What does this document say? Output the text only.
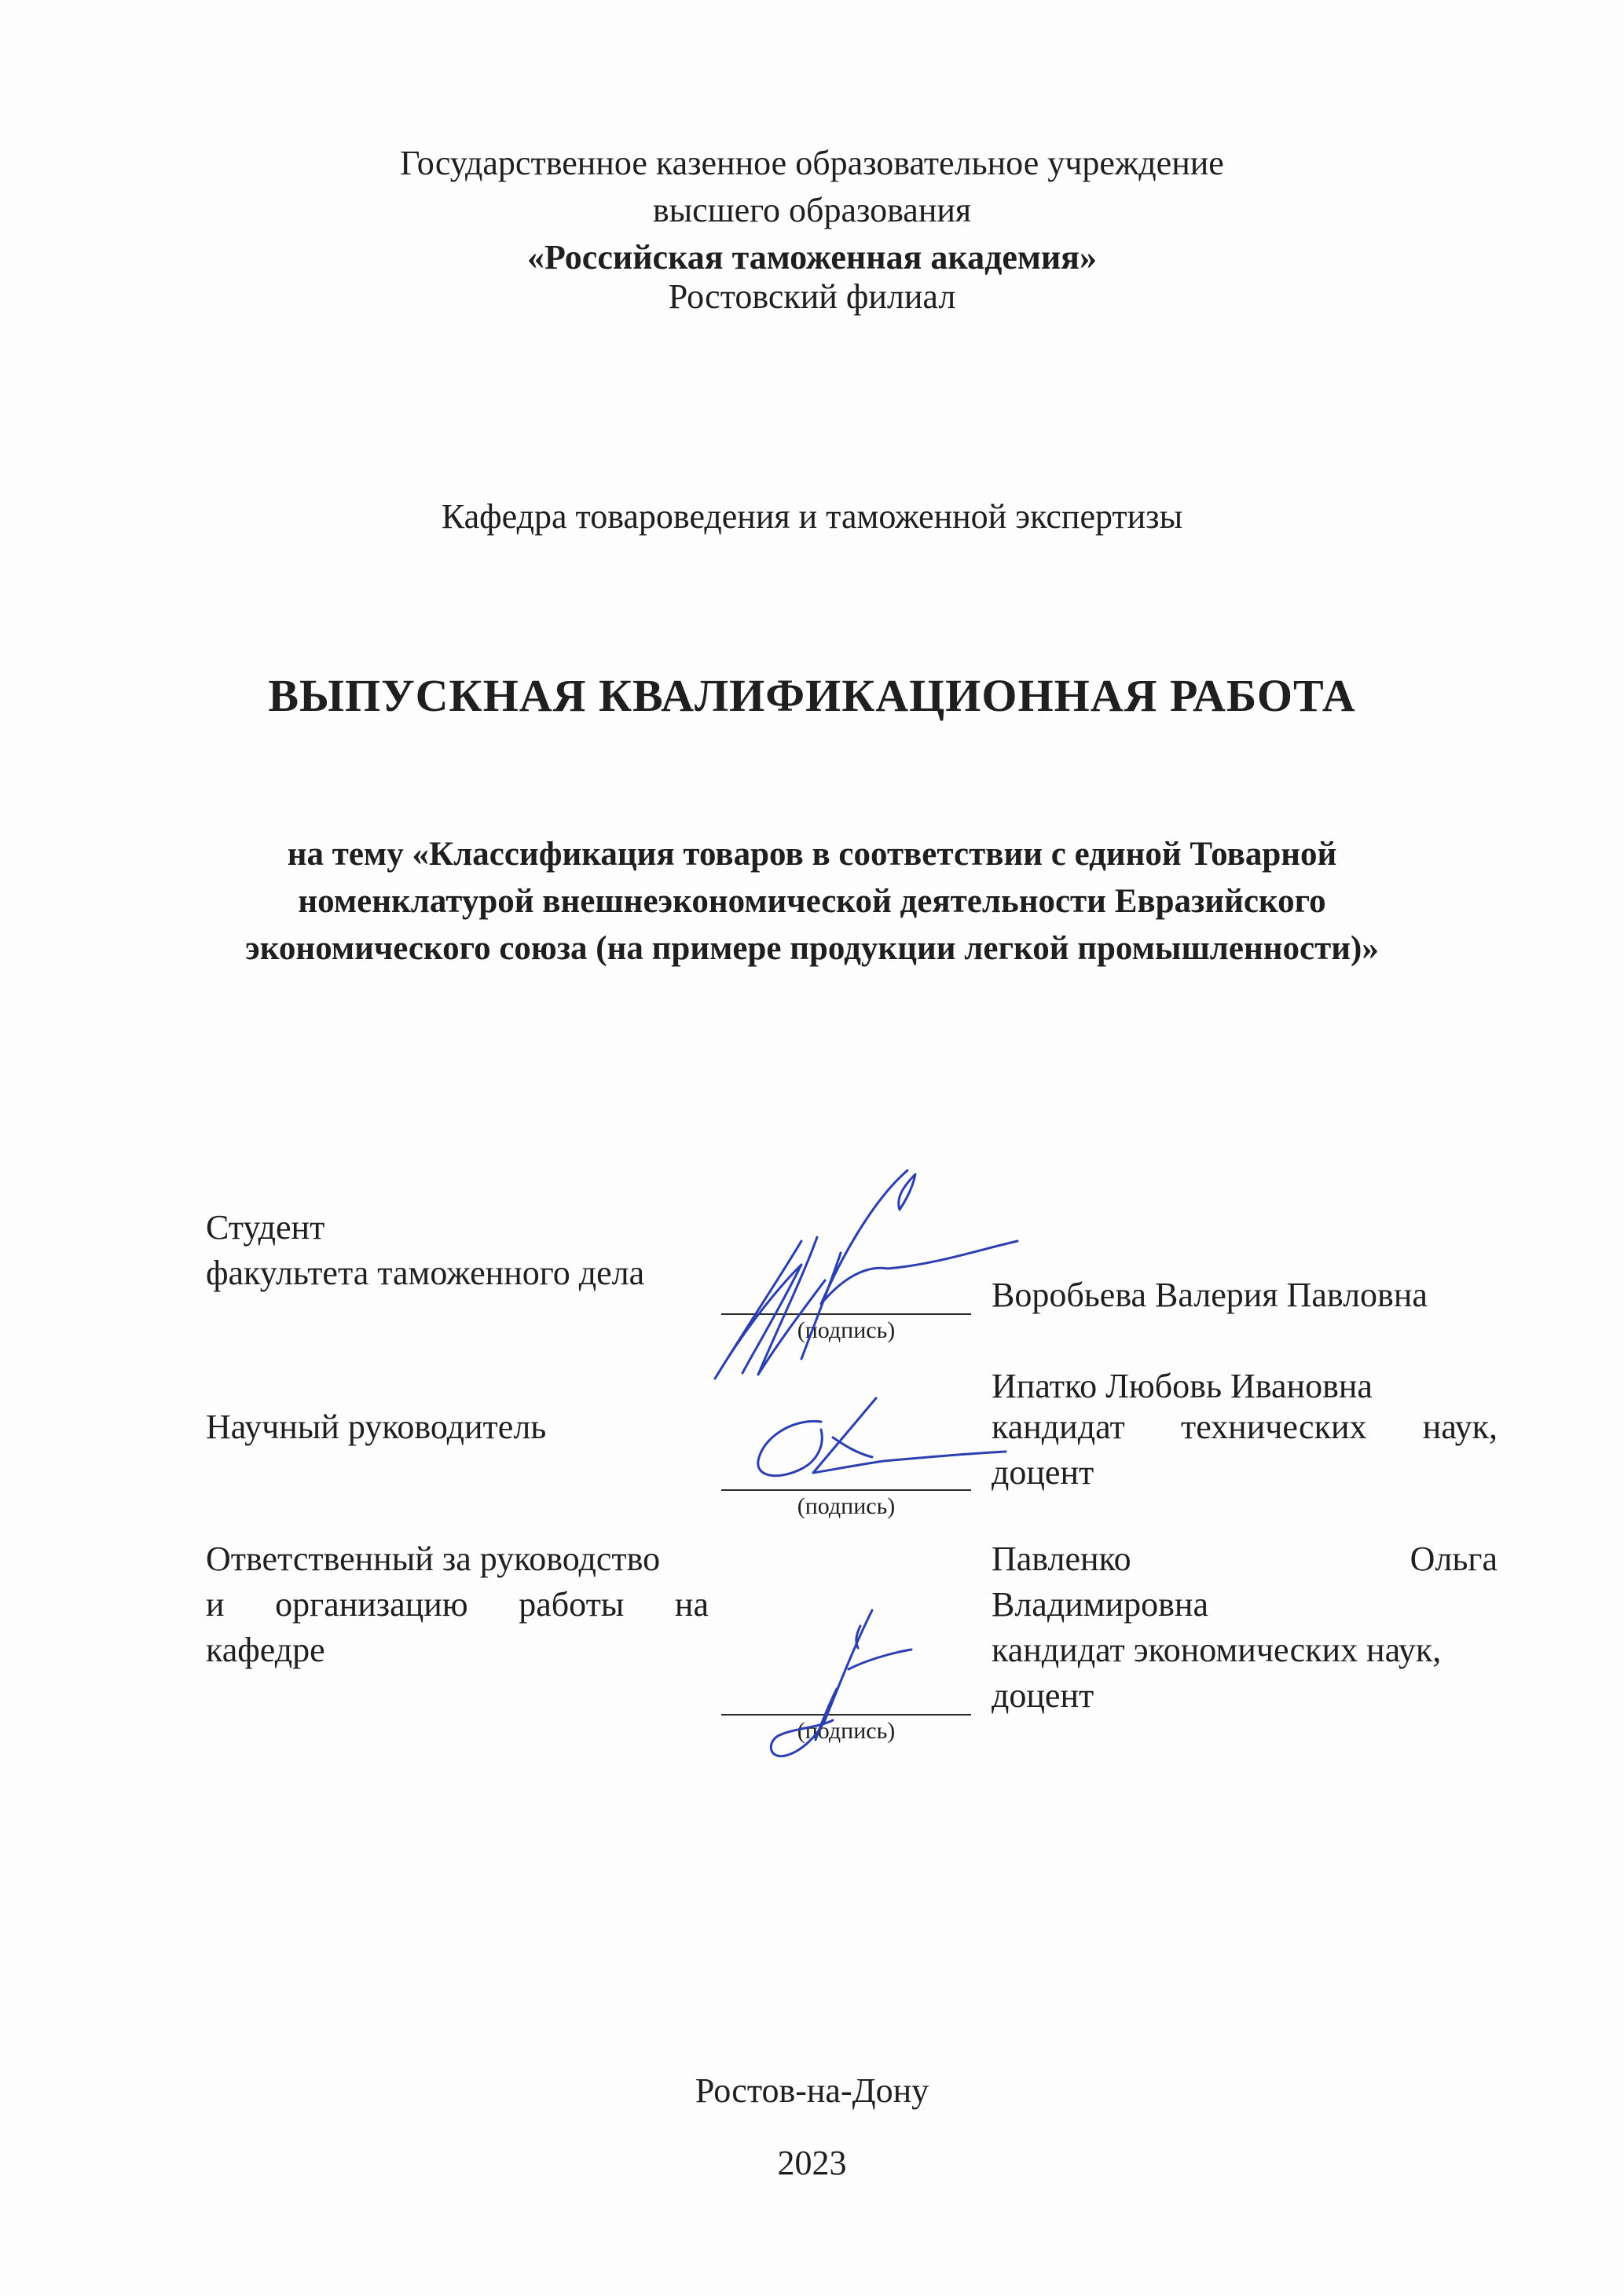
Государственное казенное образовательное учреждение
высшего образования
«Российская таможенная академия»
Ростовский филиал
Кафедра товароведения и таможенной экспертизы
ВЫПУСКНАЯ КВАЛИФИКАЦИОННАЯ РАБОТА
на тему «Классификация товаров в соответствии с единой Товарной
номенклатурой внешнеэкономической деятельности Евразийского
экономического союза (на примере продукции легкой промышленности)»
Студент
факультета таможенного дела
(подпись)
Воробьева Валерия Павловна
Научный руководитель
Ипатко Любовь Ивановна
кандидат технических наук,
доцент
(подпись)
Ответственный за руководство
и организацию работы на
кафедре
Павленко Ольга
Владимировна
кандидат экономических наук,
доцент
(подпись)
Ростов-на-Дону
2023
